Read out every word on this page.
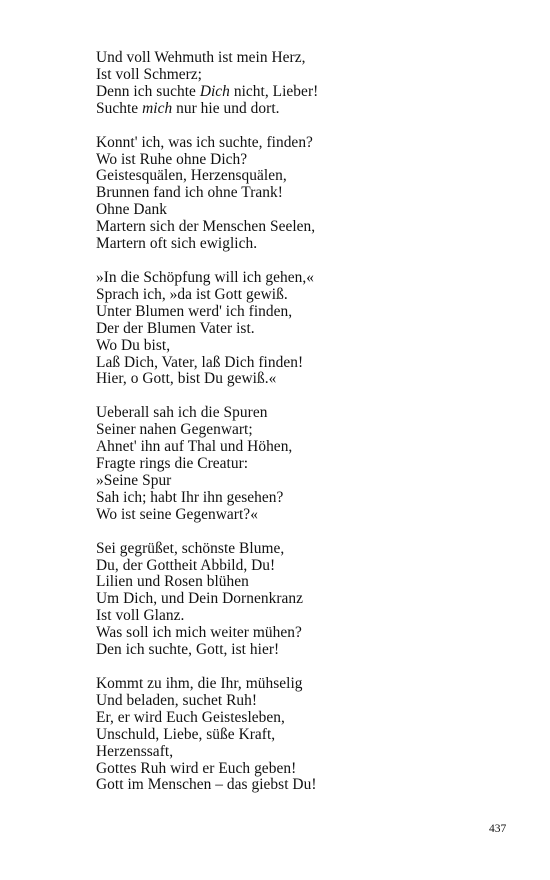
Und voll Wehmuth ist mein Herz,
Ist voll Schmerz;
Denn ich suchte Dich nicht, Lieber!
Suchte mich nur hie und dort.
Konnt' ich, was ich suchte, finden?
Wo ist Ruhe ohne Dich?
Geistesquälen, Herzensquälen,
Brunnen fand ich ohne Trank!
Ohne Dank
Martern sich der Menschen Seelen,
Martern oft sich ewiglich.
»In die Schöpfung will ich gehen,«
Sprach ich, »da ist Gott gewiß.
Unter Blumen werd' ich finden,
Der der Blumen Vater ist.
Wo Du bist,
Laß Dich, Vater, laß Dich finden!
Hier, o Gott, bist Du gewiß.«
Ueberall sah ich die Spuren
Seiner nahen Gegenwart;
Ahnet' ihn auf Thal und Höhen,
Fragte rings die Creatur:
»Seine Spur
Sah ich; habt Ihr ihn gesehen?
Wo ist seine Gegenwart?«
Sei gegrüßet, schönste Blume,
Du, der Gottheit Abbild, Du!
Lilien und Rosen blühen
Um Dich, und Dein Dornenkranz
Ist voll Glanz.
Was soll ich mich weiter mühen?
Den ich suchte, Gott, ist hier!
Kommt zu ihm, die Ihr, mühselig
Und beladen, suchet Ruh!
Er, er wird Euch Geistesleben,
Unschuld, Liebe, süße Kraft,
Herzenssaft,
Gottes Ruh wird er Euch geben!
Gott im Menschen – das giebst Du!
437
